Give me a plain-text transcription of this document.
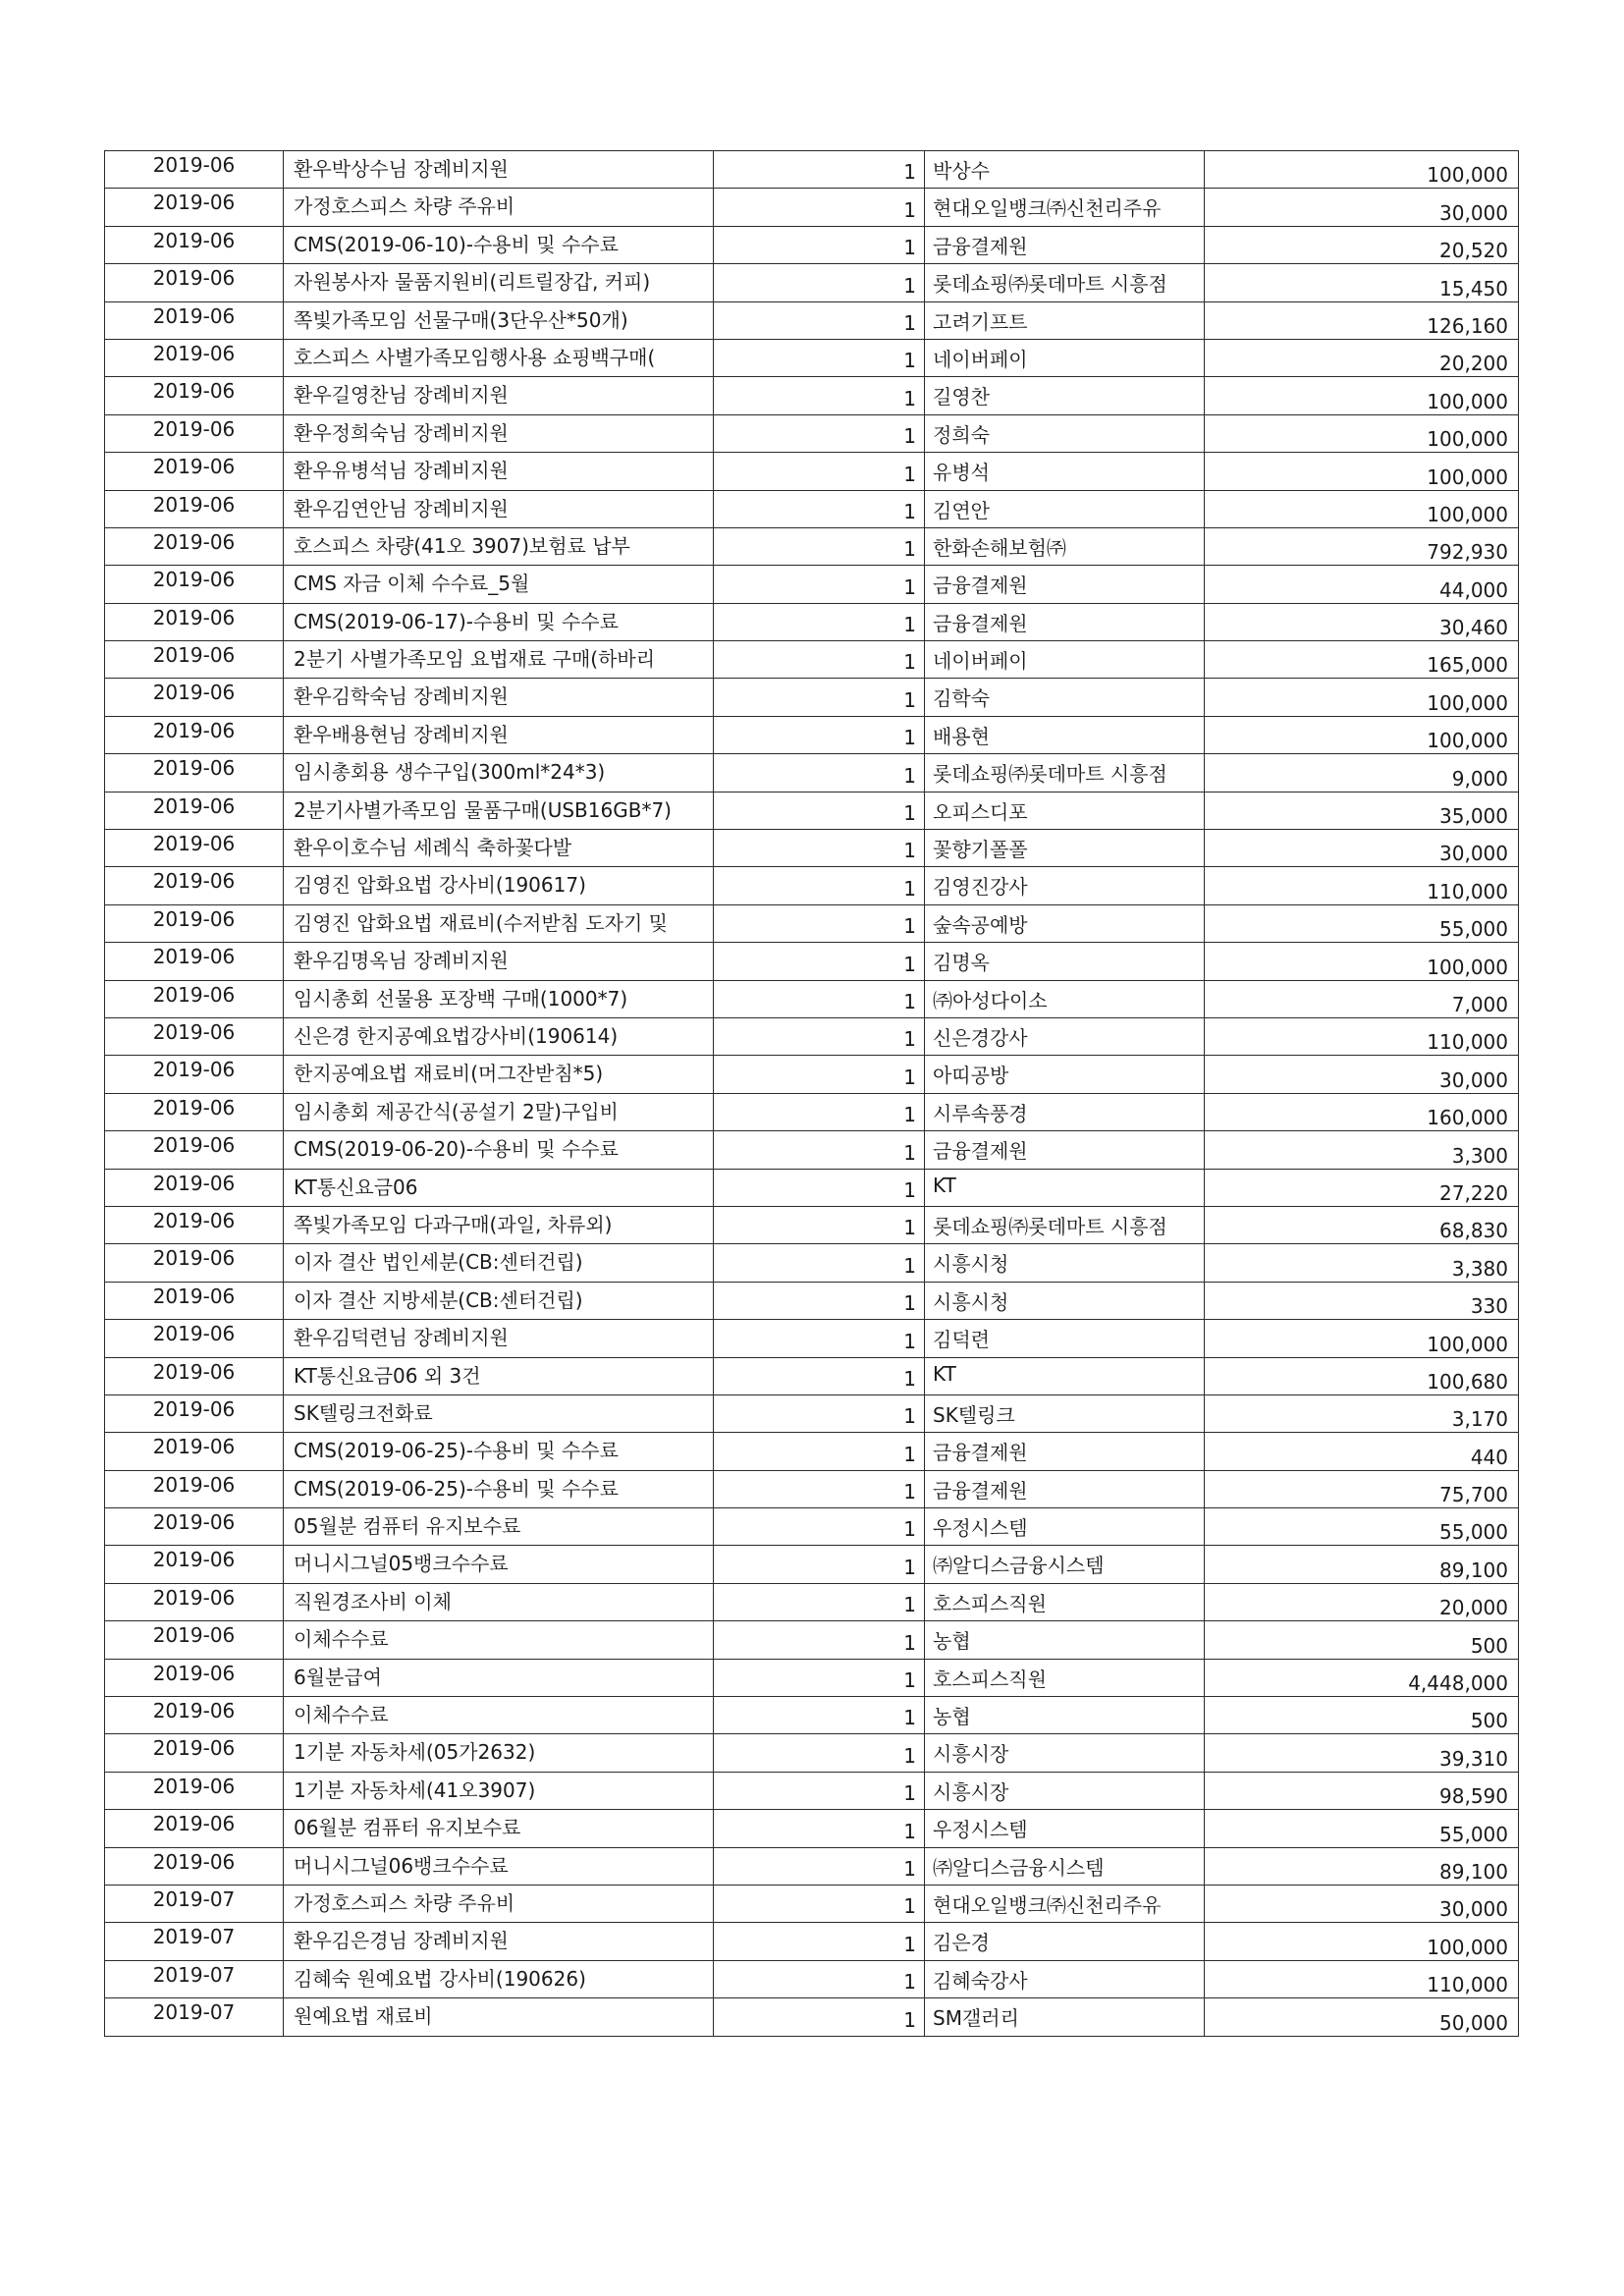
2019-06	환우박상수님 장례비지원	1	박상수	100,000
2019-06	가정호스피스 차량 주유비	1	현대오일뱅크㈜신천리주유	30,000
2019-06	CMS(2019-06-10)-수용비 및 수수료	1	금융결제원	20,520
2019-06	자원봉사자 물품지원비(리트릴장갑, 커피)	1	롯데쇼핑㈜롯데마트 시흥점	15,450
2019-06	쪽빛가족모임 선물구매(3단우산*50개)	1	고려기프트	126,160
2019-06	호스피스 사별가족모임행사용 쇼핑백구매(	1	네이버페이	20,200
2019-06	환우길영찬님 장례비지원	1	길영찬	100,000
2019-06	환우정희숙님 장례비지원	1	정희숙	100,000
2019-06	환우유병석님 장례비지원	1	유병석	100,000
2019-06	환우김연안님 장례비지원	1	김연안	100,000
2019-06	호스피스 차량(41오 3907)보험료 납부	1	한화손해보험㈜	792,930
2019-06	CMS 자금 이체 수수료_5월	1	금융결제원	44,000
2019-06	CMS(2019-06-17)-수용비 및 수수료	1	금융결제원	30,460
2019-06	2분기 사별가족모임 요법재료 구매(하바리	1	네이버페이	165,000
2019-06	환우김학숙님 장례비지원	1	김학숙	100,000
2019-06	환우배용현님 장례비지원	1	배용현	100,000
2019-06	임시총회용 생수구입(300ml*24*3)	1	롯데쇼핑㈜롯데마트 시흥점	9,000
2019-06	2분기사별가족모임 물품구매(USB16GB*7)	1	오피스디포	35,000
2019-06	환우이호수님 세례식 축하꽃다발	1	꽃향기폴폴	30,000
2019-06	김영진 압화요법 강사비(190617)	1	김영진강사	110,000
2019-06	김영진 압화요법 재료비(수저받침 도자기 및	1	숲속공예방	55,000
2019-06	환우김명옥님 장례비지원	1	김명옥	100,000
2019-06	임시총회 선물용 포장백 구매(1000*7)	1	㈜아성다이소	7,000
2019-06	신은경 한지공예요법강사비(190614)	1	신은경강사	110,000
2019-06	한지공예요법 재료비(머그잔받침*5)	1	아띠공방	30,000
2019-06	임시총회 제공간식(공설기 2말)구입비	1	시루속풍경	160,000
2019-06	CMS(2019-06-20)-수용비 및 수수료	1	금융결제원	3,300
2019-06	KT통신요금06	1	KT	27,220
2019-06	쪽빛가족모임 다과구매(과일, 차류외)	1	롯데쇼핑㈜롯데마트 시흥점	68,830
2019-06	이자 결산 법인세분(CB:센터건립)	1	시흥시청	3,380
2019-06	이자 결산 지방세분(CB:센터건립)	1	시흥시청	330
2019-06	환우김덕련님 장례비지원	1	김덕련	100,000
2019-06	KT통신요금06 외 3건	1	KT	100,680
2019-06	SK텔링크전화료	1	SK텔링크	3,170
2019-06	CMS(2019-06-25)-수용비 및 수수료	1	금융결제원	440
2019-06	CMS(2019-06-25)-수용비 및 수수료	1	금융결제원	75,700
2019-06	05월분 컴퓨터 유지보수료	1	우정시스템	55,000
2019-06	머니시그널05뱅크수수료	1	㈜알디스금융시스템	89,100
2019-06	직원경조사비 이체	1	호스피스직원	20,000
2019-06	이체수수료	1	농협	500
2019-06	6월분급여	1	호스피스직원	4,448,000
2019-06	이체수수료	1	농협	500
2019-06	1기분 자동차세(05가2632)	1	시흥시장	39,310
2019-06	1기분 자동차세(41오3907)	1	시흥시장	98,590
2019-06	06월분 컴퓨터 유지보수료	1	우정시스템	55,000
2019-06	머니시그널06뱅크수수료	1	㈜알디스금융시스템	89,100
2019-07	가정호스피스 차량 주유비	1	현대오일뱅크㈜신천리주유	30,000
2019-07	환우김은경님 장례비지원	1	김은경	100,000
2019-07	김혜숙 원예요법 강사비(190626)	1	김혜숙강사	110,000
2019-07	원예요법 재료비	1	SM갤러리	50,000
